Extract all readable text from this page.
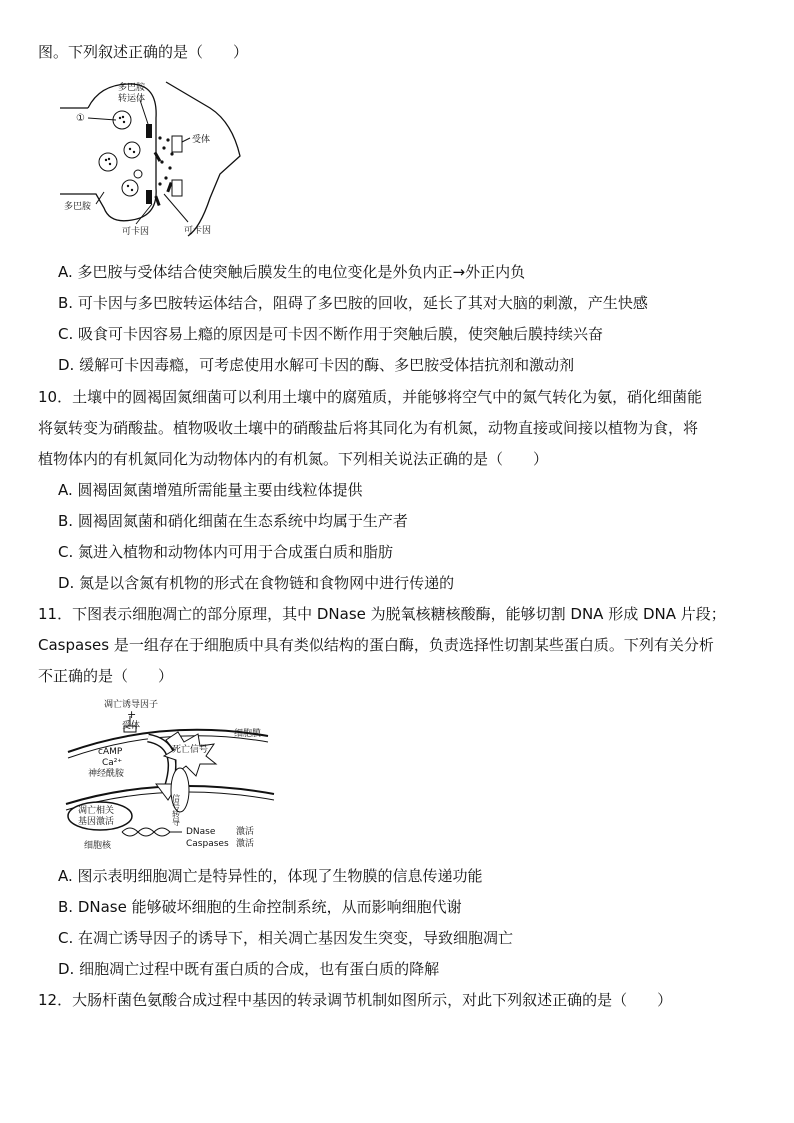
图。下列叙述正确的是（　　）
多巴胺
转运体
受体
①
多巴胺
可卡因	可卡因
A. 多巴胺与受体结合使突触后膜发生的电位变化是外负内正→外正内负
B. 可卡因与多巴胺转运体结合，阻碍了多巴胺的回收，延长了其对大脑的刺激，产生快感
C. 吸食可卡因容易上瘾的原因是可卡因不断作用于突触后膜，使突触后膜持续兴奋
D. 缓解可卡因毒瘾，可考虑使用水解可卡因的酶、多巴胺受体拮抗剂和激动剂
10．土壤中的圆褐固氮细菌可以利用土壤中的腐殖质，并能够将空气中的氮气转化为氨，硝化细菌能
将氨转变为硝酸盐。植物吸收土壤中的硝酸盐后将其同化为有机氮，动物直接或间接以植物为食，将
植物体内的有机氮同化为动物体内的有机氮。下列相关说法正确的是（　　）
A. 圆褐固氮菌增殖所需能量主要由线粒体提供
B. 圆褐固氮菌和硝化细菌在生态系统中均属于生产者
C. 氮进入植物和动物体内可用于合成蛋白质和脂肪
D. 氮是以含氮有机物的形式在食物链和食物网中进行传递的
11．下图表示细胞凋亡的部分原理，其中 DNase 为脱氧核糖核酸酶，能够切割 DNA 形成 DNA 片段；
Caspases 是一组存在于细胞质中具有类似结构的蛋白酶，负责选择性切割某些蛋白质。下列有关分析
不正确的是（　　）
凋亡诱导因子
+
受体
细胞膜
cAMP
Ca²⁺
神经酰胺
死亡信号
信号转导
凋亡相关
基因激活
细胞核
DNase
Caspases
激活
激活
A. 图示表明细胞凋亡是特异性的，体现了生物膜的信息传递功能
B. DNase 能够破坏细胞的生命控制系统，从而影响细胞代谢
C. 在凋亡诱导因子的诱导下，相关凋亡基因发生突变，导致细胞凋亡
D. 细胞凋亡过程中既有蛋白质的合成，也有蛋白质的降解
12．大肠杆菌色氨酸合成过程中基因的转录调节机制如图所示，对此下列叙述正确的是（　　）
